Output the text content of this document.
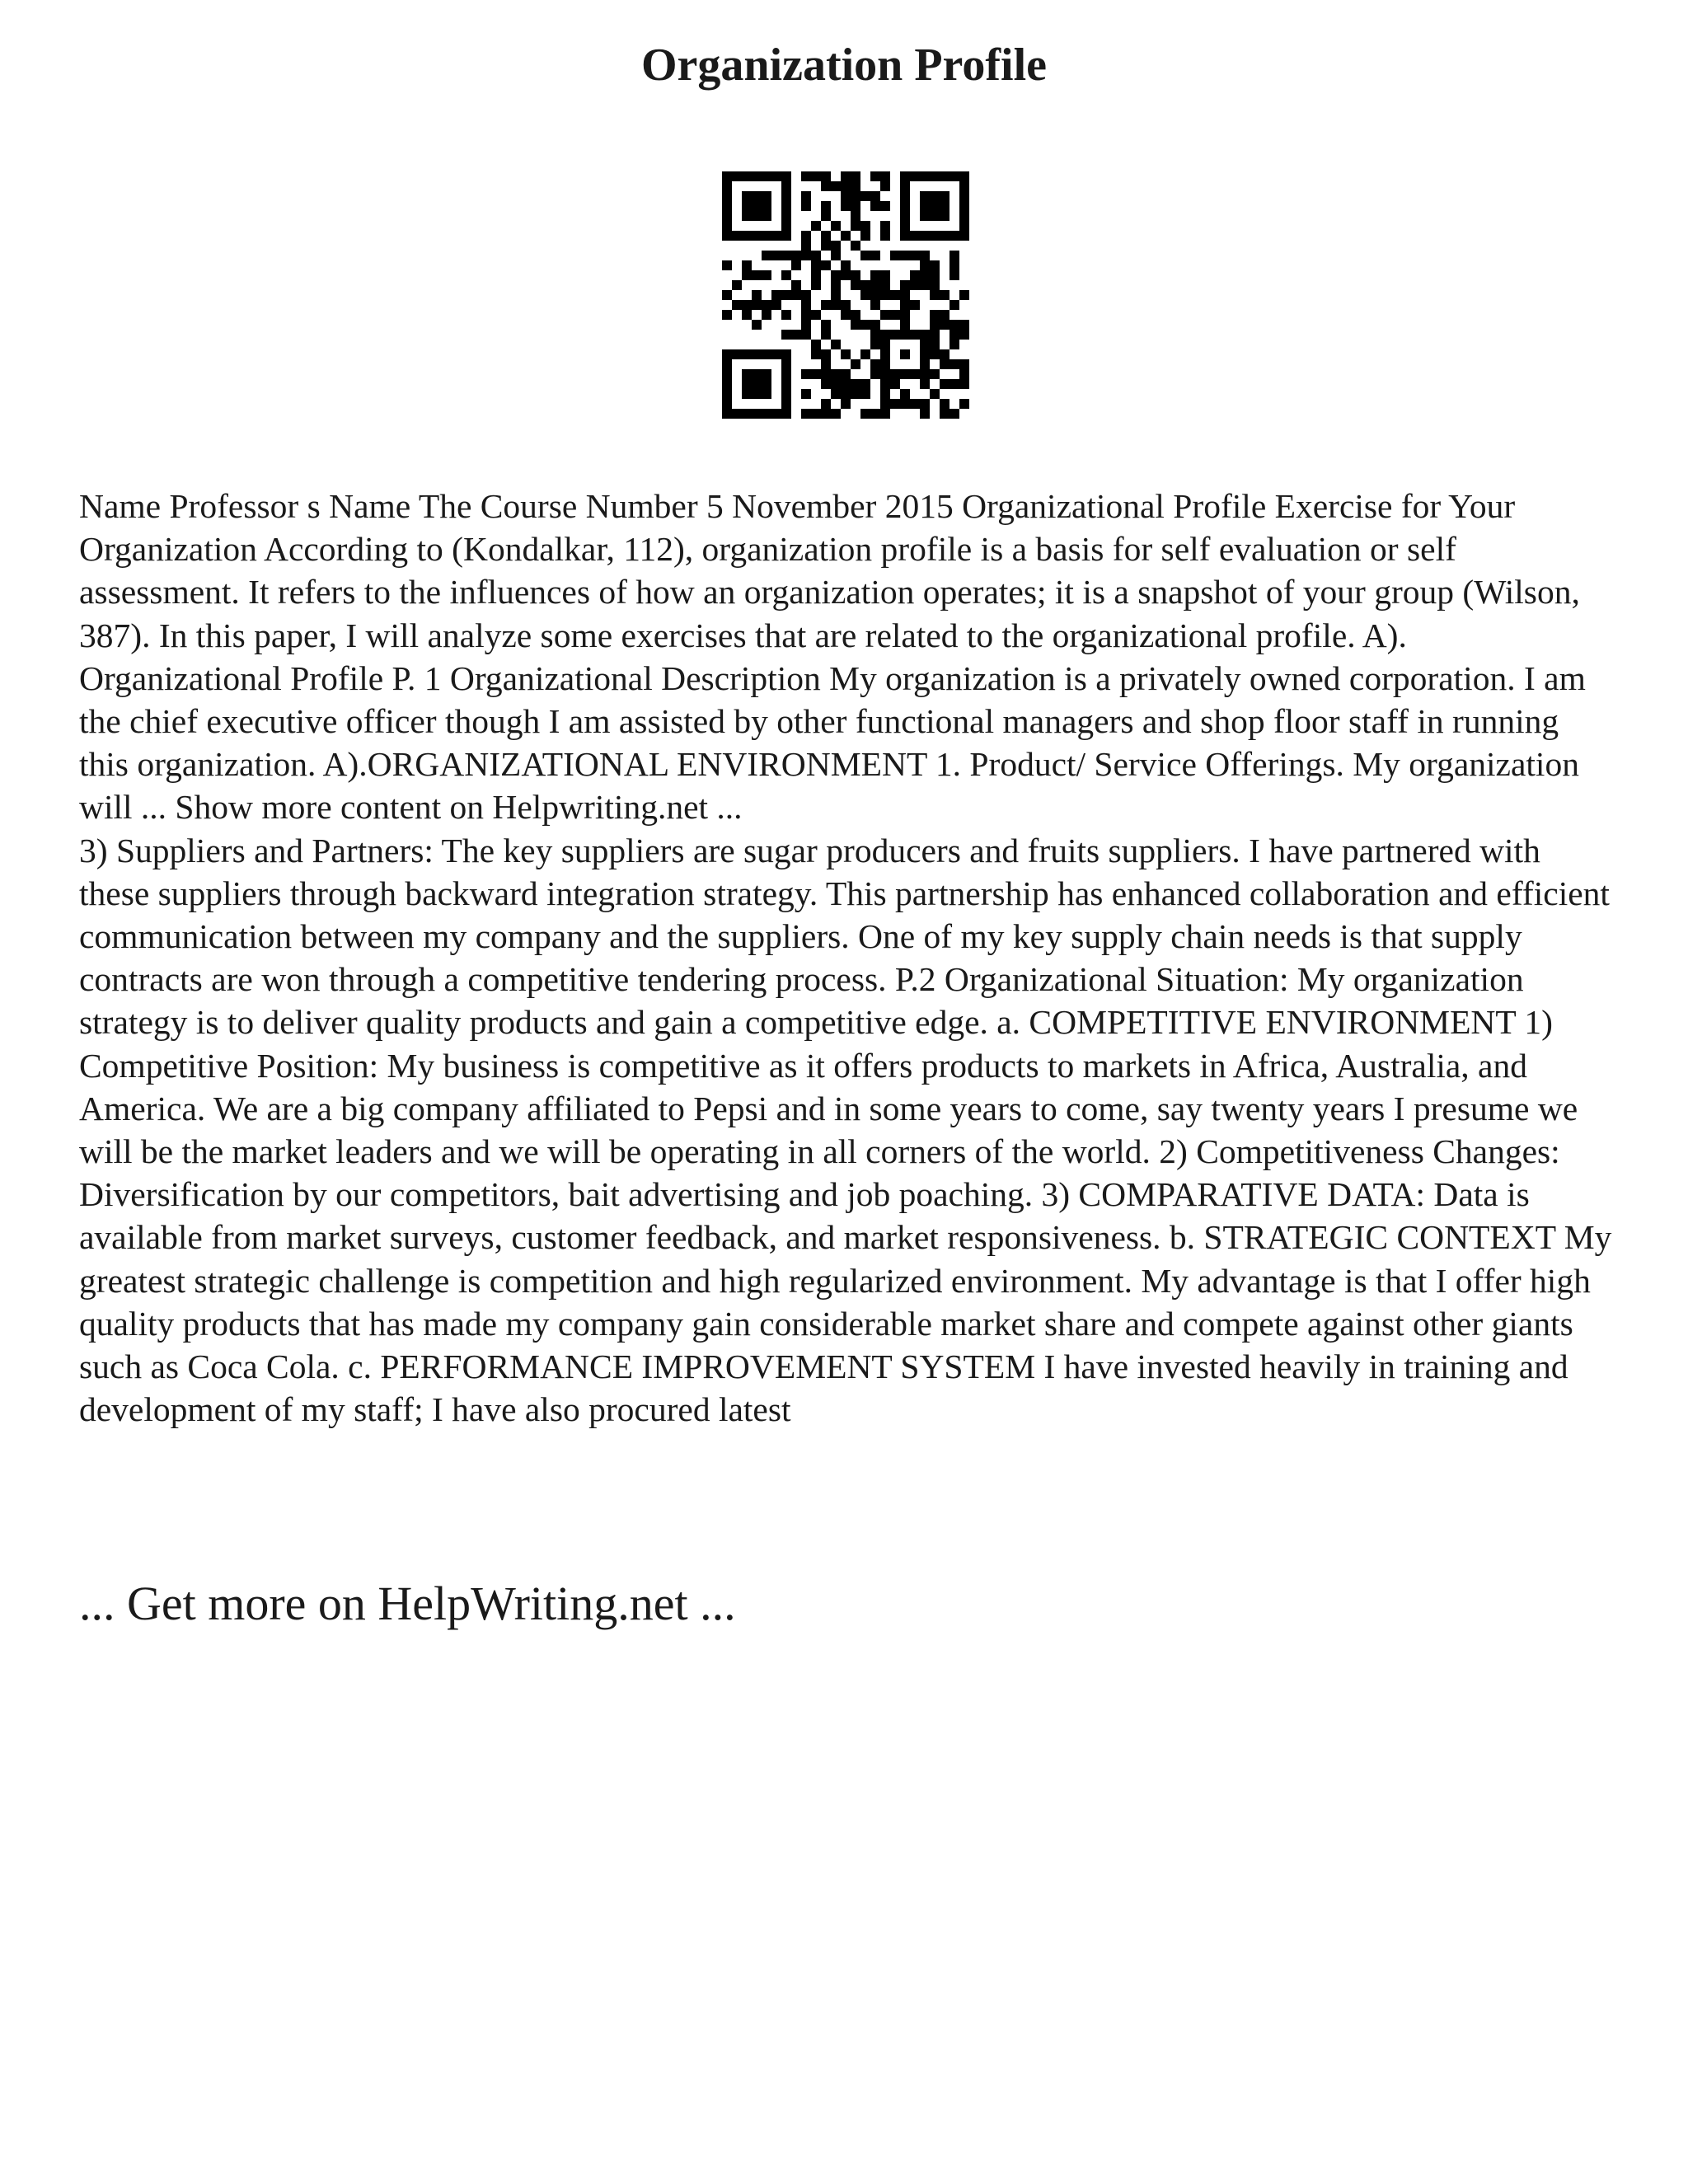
Organization Profile

Name Professor s Name The Course Number 5 November 2015 Organizational Profile Exercise for Your Organization According to (Kondalkar, 112), organization profile is a basis for self evaluation or self assessment. It refers to the influences of how an organization operates; it is a snapshot of your group (Wilson, 387). In this paper, I will analyze some exercises that are related to the organizational profile. A). Organizational Profile P. 1 Organizational Description My organization is a privately owned corporation. I am the chief executive officer though I am assisted by other functional managers and shop floor staff in running this organization. A).ORGANIZATIONAL ENVIRONMENT 1. Product/ Service Offerings. My organization will ... Show more content on Helpwriting.net ...

3) Suppliers and Partners: The key suppliers are sugar producers and fruits suppliers. I have partnered with these suppliers through backward integration strategy. This partnership has enhanced collaboration and efficient communication between my company and the suppliers. One of my key supply chain needs is that supply contracts are won through a competitive tendering process. P.2 Organizational Situation: My organization strategy is to deliver quality products and gain a competitive edge. a. COMPETITIVE ENVIRONMENT 1) Competitive Position: My business is competitive as it offers products to markets in Africa, Australia, and America. We are a big company affiliated to Pepsi and in some years to come, say twenty years I presume we will be the market leaders and we will be operating in all corners of the world. 2) Competitiveness Changes: Diversification by our competitors, bait advertising and job poaching. 3) COMPARATIVE DATA: Data is available from market surveys, customer feedback, and market responsiveness. b. STRATEGIC CONTEXT My greatest strategic challenge is competition and high regularized environment. My advantage is that I offer high quality products that has made my company gain considerable market share and compete against other giants such as Coca Cola. c. PERFORMANCE IMPROVEMENT SYSTEM I have invested heavily in training and development of my staff; I have also procured latest

... Get more on HelpWriting.net ...
